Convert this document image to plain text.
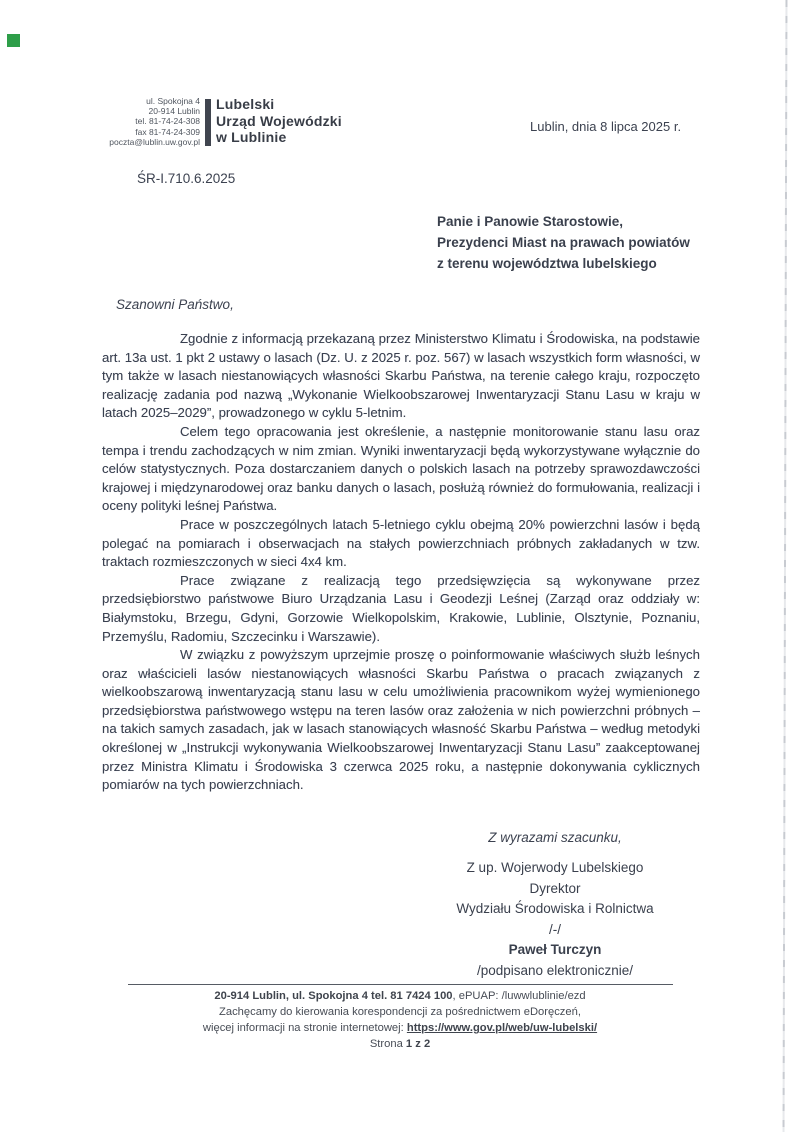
ul. Spokojna 4
20-914 Lublin
tel. 81-74-24-308
fax 81-74-24-309
poczta@lublin.uw.gov.pl
Lubelski
Urząd Wojewódzki
w Lublinie
Lublin, dnia 8 lipca 2025 r.
ŚR-I.710.6.2025
Panie i Panowie Starostowie,
Prezydenci Miast na prawach powiatów
z terenu województwa lubelskiego
Szanowni Państwo,

Zgodnie z informacją przekazaną przez Ministerstwo Klimatu i Środowiska, na podstawie art. 13a ust. 1 pkt 2 ustawy o lasach (Dz. U. z 2025 r. poz. 567) w lasach wszystkich form własności, w tym także w lasach niestanowiących własności Skarbu Państwa, na terenie całego kraju, rozpoczęto realizację zadania pod nazwą „Wykonanie Wielkoobszarowej Inwentaryzacji Stanu Lasu w kraju w latach 2025–2029”, prowadzonego w cyklu 5-letnim.

Celem tego opracowania jest określenie, a następnie monitorowanie stanu lasu oraz tempa i trendu zachodzących w nim zmian. Wyniki inwentaryzacji będą wykorzystywane wyłącznie do celów statystycznych. Poza dostarczaniem danych o polskich lasach na potrzeby sprawozdawczości krajowej i międzynarodowej oraz banku danych o lasach, posłużą również do formułowania, realizacji i oceny polityki leśnej Państwa.

Prace w poszczególnych latach 5-letniego cyklu obejmą 20% powierzchni lasów i będą polegać na pomiarach i obserwacjach na stałych powierzchniach próbnych zakładanych w tzw. traktach rozmieszczonych w sieci 4x4 km.

Prace związane z realizacją tego przedsięwzięcia są wykonywane przez przedsiębiorstwo państwowe Biuro Urządzania Lasu i Geodezji Leśnej (Zarząd oraz oddziały w: Białymstoku, Brzegu, Gdyni, Gorzowie Wielkopolskim, Krakowie, Lublinie, Olsztynie, Poznaniu, Przemyślu, Radomiu, Szczecinku i Warszawie).

W związku z powyższym uprzejmie proszę o poinformowanie właściwych służb leśnych oraz właścicieli lasów niestanowiących własności Skarbu Państwa o pracach związanych z wielkoobszarową inwentaryzacją stanu lasu w celu umożliwienia pracownikom wyżej wymienionego przedsiębiorstwa państwowego wstępu na teren lasów oraz założenia w nich powierzchni próbnych – na takich samych zasadach, jak w lasach stanowiących własność Skarbu Państwa – według metodyki określonej w „Instrukcji wykonywania Wielkoobszarowej Inwentaryzacji Stanu Lasu” zaakceptowanej przez Ministra Klimatu i Środowiska 3 czerwca 2025 roku, a następnie dokonywania cyklicznych pomiarów na tych powierzchniach.

Z wyrazami szacunku,
Z up. Wojerwody Lubelskiego
Dyrektor
Wydziału Środowiska i Rolnictwa
/-/
Paweł Turczyn
/podpisano elektronicznie/
20-914 Lublin, ul. Spokojna 4 tel. 81 7424 100, ePUAP: /luwwlublinie/ezd
Zachęcamy do kierowania korespondencji za pośrednictwem eDoręczeń,
więcej informacji na stronie internetowej: https://www.gov.pl/web/uw-lubelski/
Strona 1 z 2
